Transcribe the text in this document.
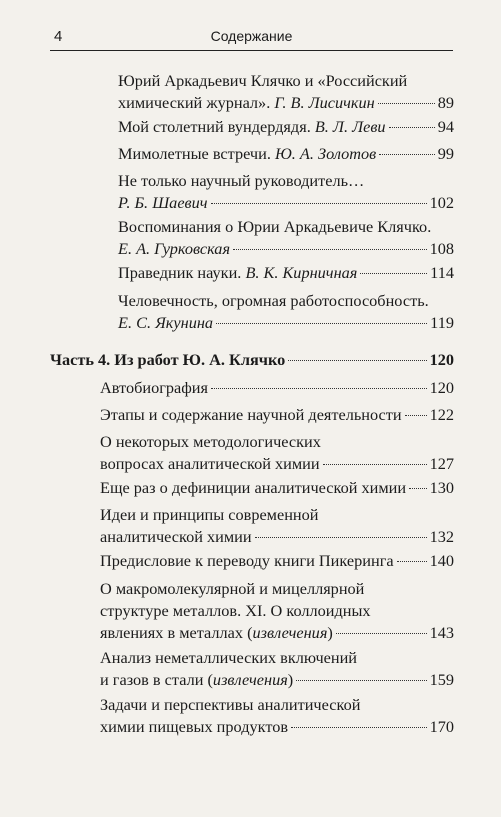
4	Содержание
Юрий Аркадьевич Клячко и «Российский
химический журнал». Г. В. Лисичкин	89
Мой столетний вундердядя. В. Л. Леви	94
Мимолетные встречи. Ю. А. Золотов	99
Не только научный руководитель…
Р. Б. Шаевич	102
Воспоминания о Юрии Аркадьевиче Клячко.
Е. А. Гурковская	108
Праведник науки. В. К. Кирничная	114
Человечность, огромная работоспособность.
Е. С. Якунина	119
Часть 4. Из работ Ю. А. Клячко	120
Автобиография	120
Этапы и содержание научной деятельности 122
О некоторых методологических
вопросах аналитической химии	127
Еще раз о дефиниции аналитической химии 130
Идеи и принципы современной
аналитической химии	132
Предисловие к переводу книги Пикеринга 140
О макромолекулярной и мицеллярной
структуре металлов. XI. О коллоидных
явлениях в металлах (извлечения)	143
Анализ неметаллических включений
и газов в стали (извлечения)	159
Задачи и перспективы аналитической
химии пищевых продуктов	170
